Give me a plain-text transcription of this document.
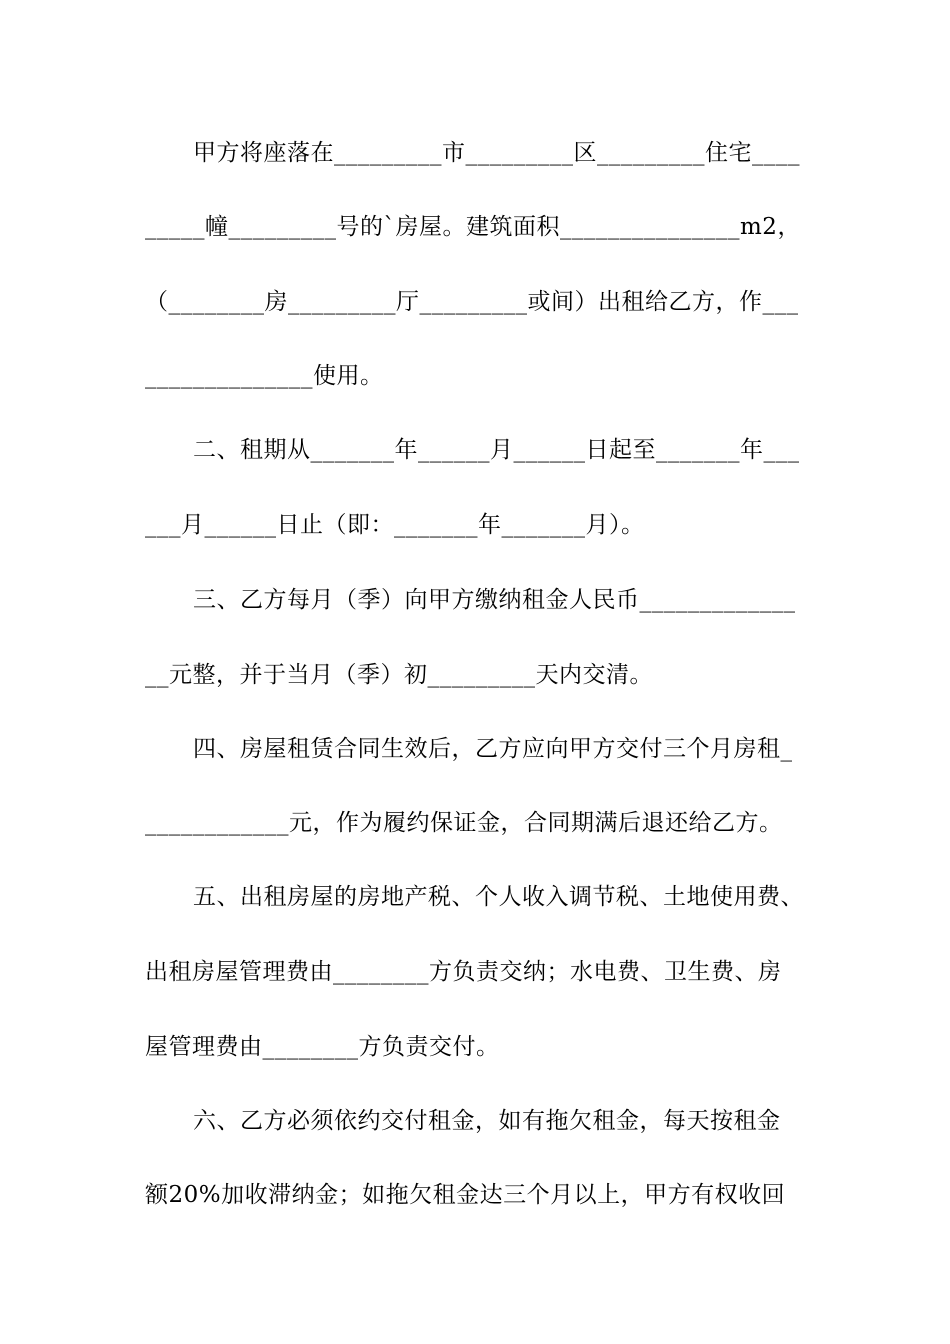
甲方将座落在_________市_________区_________住宅____
_____幢_________号的`房屋。建筑面积_______________m2，
（________房_________厅_________或间）出租给乙方，作___
______________使用。
二、租期从_______年______月______日起至_______年___
___月______日止（即：_______年_______月）。
三、乙方每月（季）向甲方缴纳租金人民币_____________
__元整，并于当月（季）初_________天内交清。
四、房屋租赁合同生效后，乙方应向甲方交付三个月房租_
____________元，作为履约保证金，合同期满后退还给乙方。
五、出租房屋的房地产税、个人收入调节税、土地使用费、
出租房屋管理费由________方负责交纳；水电费、卫生费、房
屋管理费由________方负责交付。
六、乙方必须依约交付租金，如有拖欠租金，每天按租金
额20%加收滞纳金；如拖欠租金达三个月以上，甲方有权收回
